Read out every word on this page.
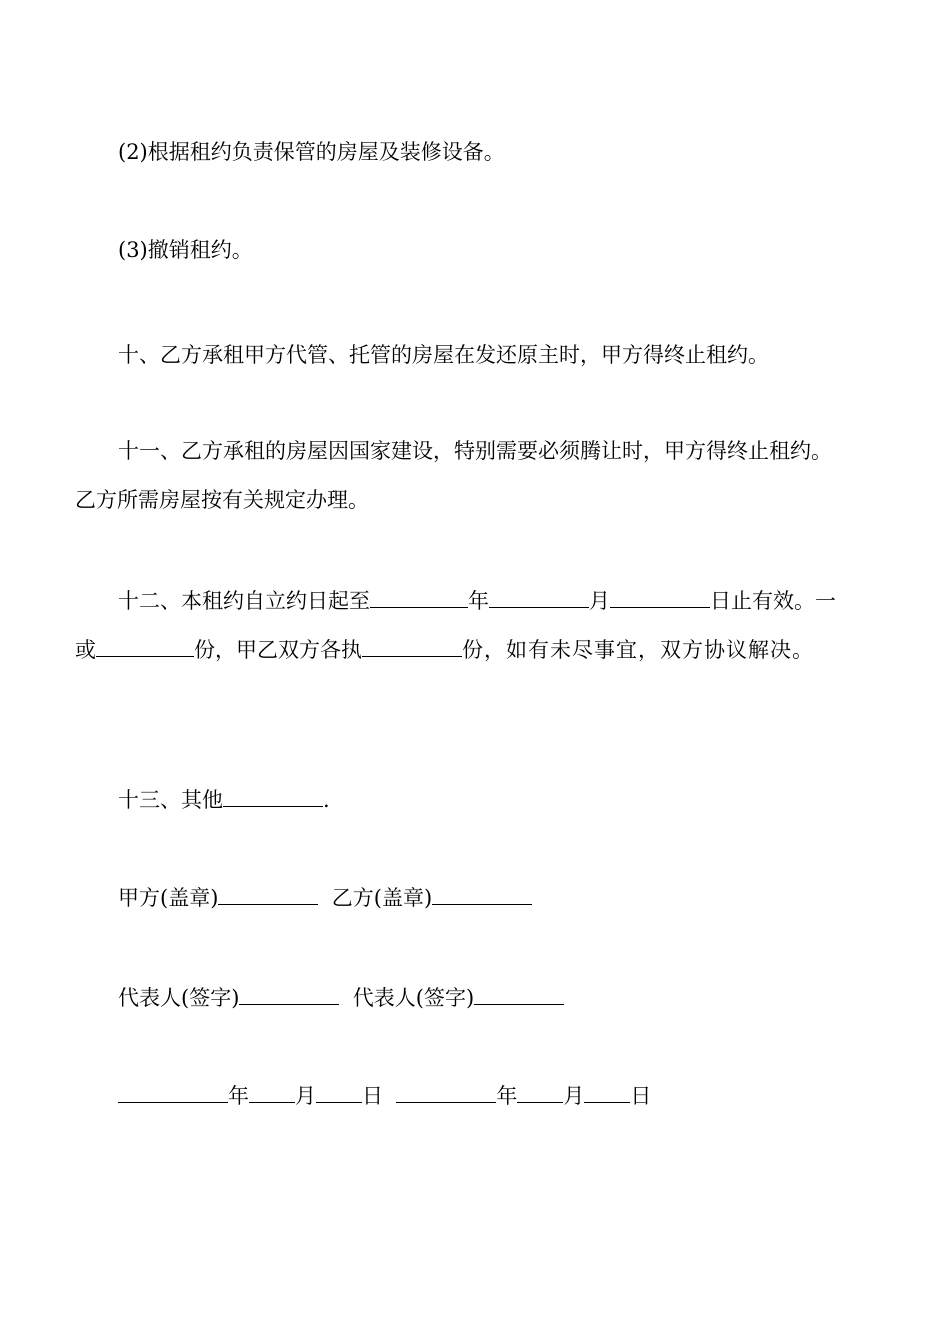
(2)根据租约负责保管的房屋及装修设备。
(3)撤销租约。
十、乙方承租甲方代管、托管的房屋在发还原主时，甲方得终止租约。
十一、乙方承租的房屋因国家建设，特别需要必须腾让时，甲方得终止租约。
乙方所需房屋按有关规定办理。
十二、本租约自立约日起至	年	月	日止有效。一
或	份，甲乙双方各执	份，如有未尽事宜，双方协议解决。
十三、其他	.
甲方(盖章)	乙方(盖章)
代表人(签字)	代表人(签字)
年 月 日	年 月 日
